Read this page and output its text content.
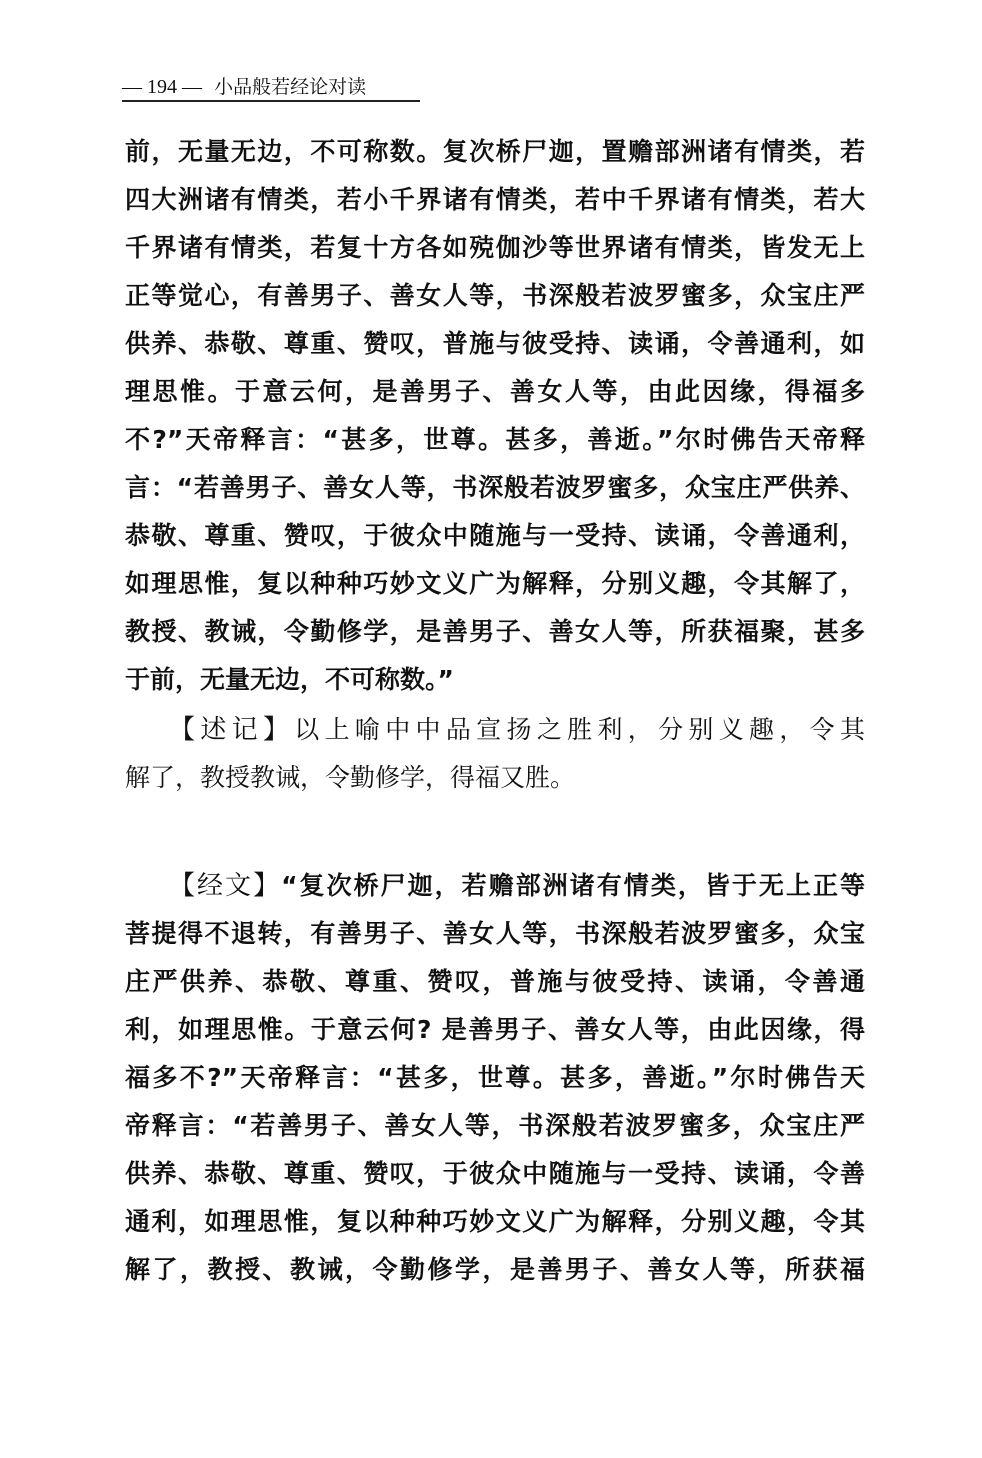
— 194 — 小品般若经论对读
前，无量无边，不可称数。复次桥尸迦，置赡部洲诸有情类，若
四大洲诸有情类，若小千界诸有情类，若中千界诸有情类，若大
千界诸有情类，若复十方各如殑伽沙等世界诸有情类，皆发无上
正等觉心，有善男子、善女人等，书深般若波罗蜜多，众宝庄严
供养、恭敬、尊重、赞叹，普施与彼受持、读诵，令善通利，如
理思惟。于意云何，是善男子、善女人等，由此因缘，得福多
不?”天帝释言：“甚多，世尊。甚多，善逝。”尔时佛告天帝释
言：“若善男子、善女人等，书深般若波罗蜜多，众宝庄严供养、
恭敬、尊重、赞叹，于彼众中随施与一受持、读诵，令善通利，
如理思惟，复以种种巧妙文义广为解释，分别义趣，令其解了，
教授、教诫，令勤修学，是善男子、善女人等，所获福聚，甚多
于前，无量无边，不可称数。”
【述记】以上喻中中品宣扬之胜利，分别义趣，令其
解了，教授教诫，令勤修学，得福又胜。
【经文】“复次桥尸迦，若赡部洲诸有情类，皆于无上正等
菩提得不退转，有善男子、善女人等，书深般若波罗蜜多，众宝
庄严供养、恭敬、尊重、赞叹，普施与彼受持、读诵，令善通
利，如理思惟。于意云何? 是善男子、善女人等，由此因缘，得
福多不?”天帝释言：“甚多，世尊。甚多，善逝。”尔时佛告天
帝释言：“若善男子、善女人等，书深般若波罗蜜多，众宝庄严
供养、恭敬、尊重、赞叹，于彼众中随施与一受持、读诵，令善
通利，如理思惟，复以种种巧妙文义广为解释，分别义趣，令其
解了，教授、教诫，令勤修学，是善男子、善女人等，所获福
